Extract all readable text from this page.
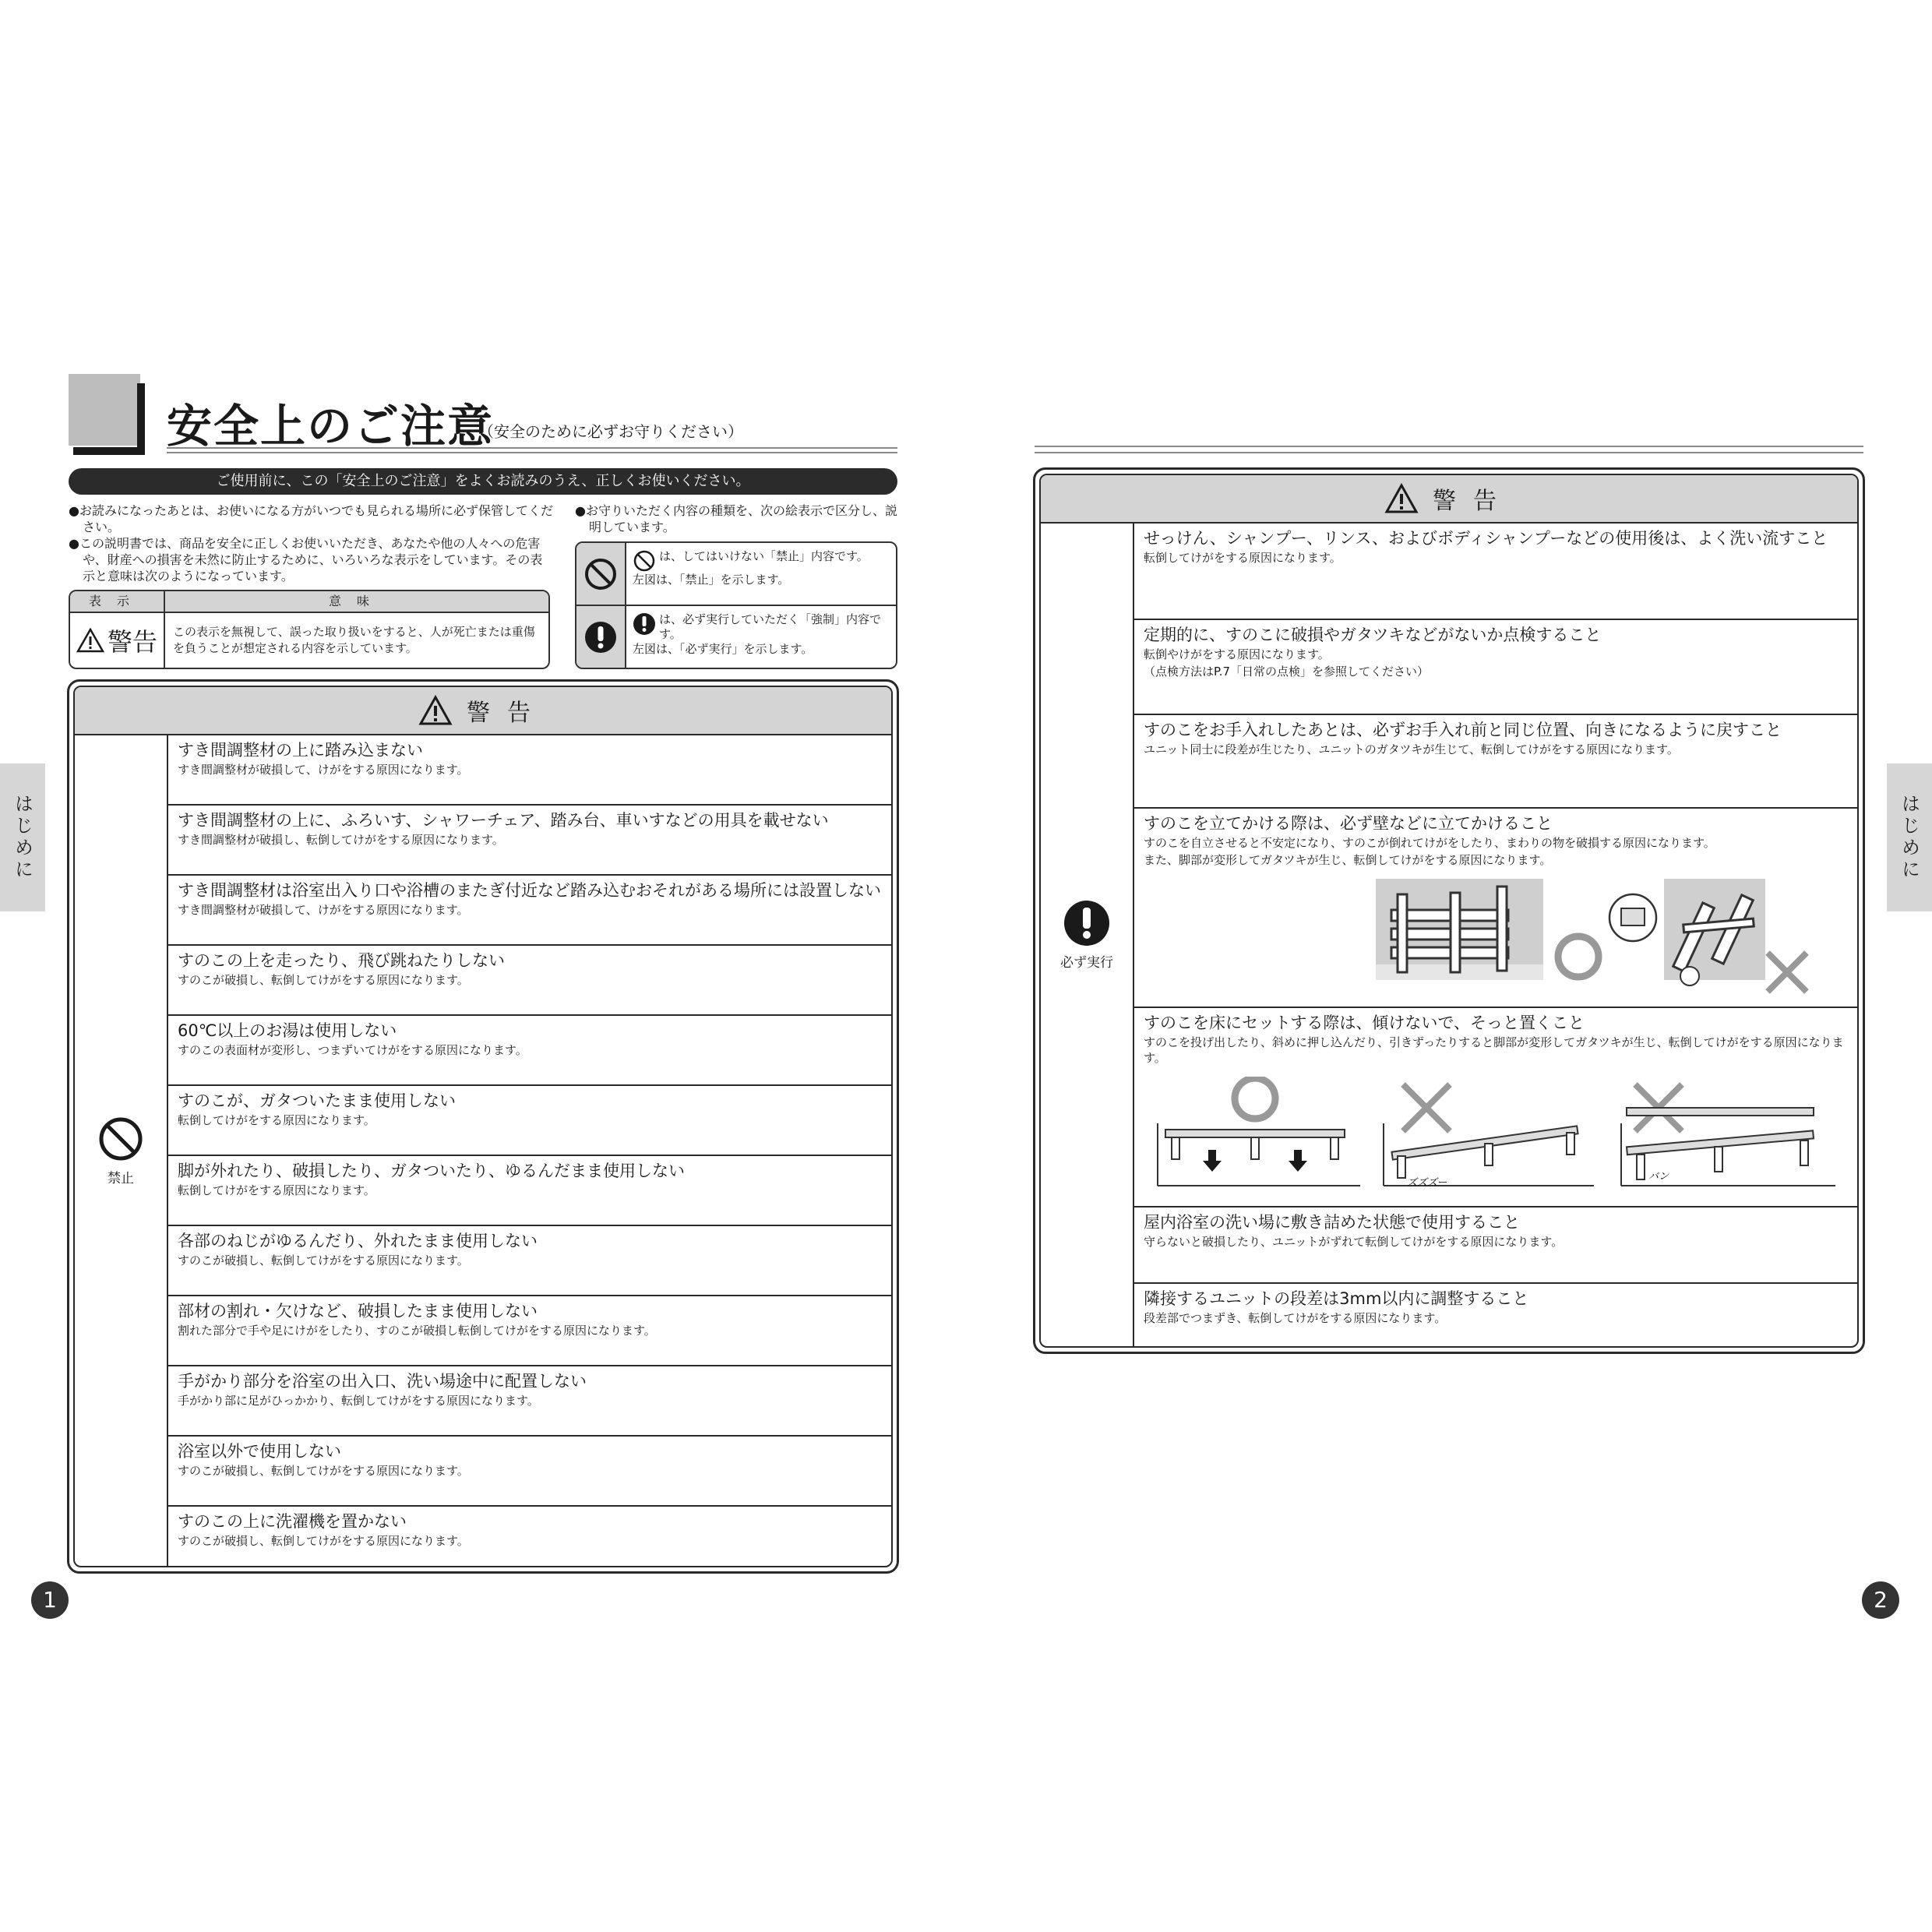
安全上のご注意
（安全のために必ずお守りください）
ご使用前に、この「安全上のご注意」をよくお読みのうえ、正しくお使いください。

●お読みになったあとは、お使いになる方がいつでも見られる場所に必ず保管してください。

●この説明書では、商品を安全に正しくお使いいただき、あなたや他の人々への危害や、財産への損害を未然に防止するために、いろいろな表示をしています。その表示と意味は次のようになっています。

●お守りいただく内容の種類を、次の絵表示で区分し、説明しています。

表示	意味
警告	この表示を無視して、誤った取り扱いをすると、人が死亡または重傷を負うことが想定される内容を示しています。
は、してはいけない「禁止」内容です。
左図は、「禁止」を示します。
は、必ず実行していただく「強制」内容です。
左図は、「必ず実行」を示します。
警告
禁止
すき間調整材の上に踏み込まない
すき間調整材が破損して、けがをする原因になります。
すき間調整材の上に、ふろいす、シャワーチェア、踏み台、車いすなどの用具を載せない
すき間調整材が破損し、転倒してけがをする原因になります。
すき間調整材は浴室出入り口や浴槽のまたぎ付近など踏み込むおそれがある場所には設置しない
すき間調整材が破損して、けがをする原因になります。
すのこの上を走ったり、飛び跳ねたりしない
すのこが破損し、転倒してけがをする原因になります。
60℃以上のお湯は使用しない
すのこの表面材が変形し、つまずいてけがをする原因になります。
すのこが、ガタついたまま使用しない
転倒してけがをする原因になります。
脚が外れたり、破損したり、ガタついたり、ゆるんだまま使用しない
転倒してけがをする原因になります。
各部のねじがゆるんだり、外れたまま使用しない
すのこが破損し、転倒してけがをする原因になります。
部材の割れ・欠けなど、破損したまま使用しない
割れた部分で手や足にけがをしたり、すのこが破損し転倒してけがをする原因になります。
手がかり部分を浴室の出入口、洗い場途中に配置しない
手がかり部に足がひっかかり、転倒してけがをする原因になります。
浴室以外で使用しない
すのこが破損し、転倒してけがをする原因になります。
すのこの上に洗濯機を置かない
すのこが破損し、転倒してけがをする原因になります。
はじめに
1
警告
必ず実行
せっけん、シャンプー、リンス、およびボディシャンプーなどの使用後は、よく洗い流すこと
転倒してけがをする原因になります。
定期的に、すのこに破損やガタツキなどがないか点検すること
転倒やけがをする原因になります。
（点検方法はP.7「日常の点検」を参照してください）
すのこをお手入れしたあとは、必ずお手入れ前と同じ位置、向きになるように戻すこと
ユニット同士に段差が生じたり、ユニットのガタツキが生じて、転倒してけがをする原因になります。
すのこを立てかける際は、必ず壁などに立てかけること
すのこを自立させると不安定になり、すのこが倒れてけがをしたり、まわりの物を破損する原因になります。
また、脚部が変形してガタツキが生じ、転倒してけがをする原因になります。
すのこを床にセットする際は、傾けないで、そっと置くこと
すのこを投げ出したり、斜めに押し込んだり、引きずったりすると脚部が変形してガタツキが生じ、転倒してけがをする原因になります。
ズズズー
バン
屋内浴室の洗い場に敷き詰めた状態で使用すること
守らないと破損したり、ユニットがずれて転倒してけがをする原因になります。
隣接するユニットの段差は3mm以内に調整すること
段差部でつまずき、転倒してけがをする原因になります。
はじめに
2
